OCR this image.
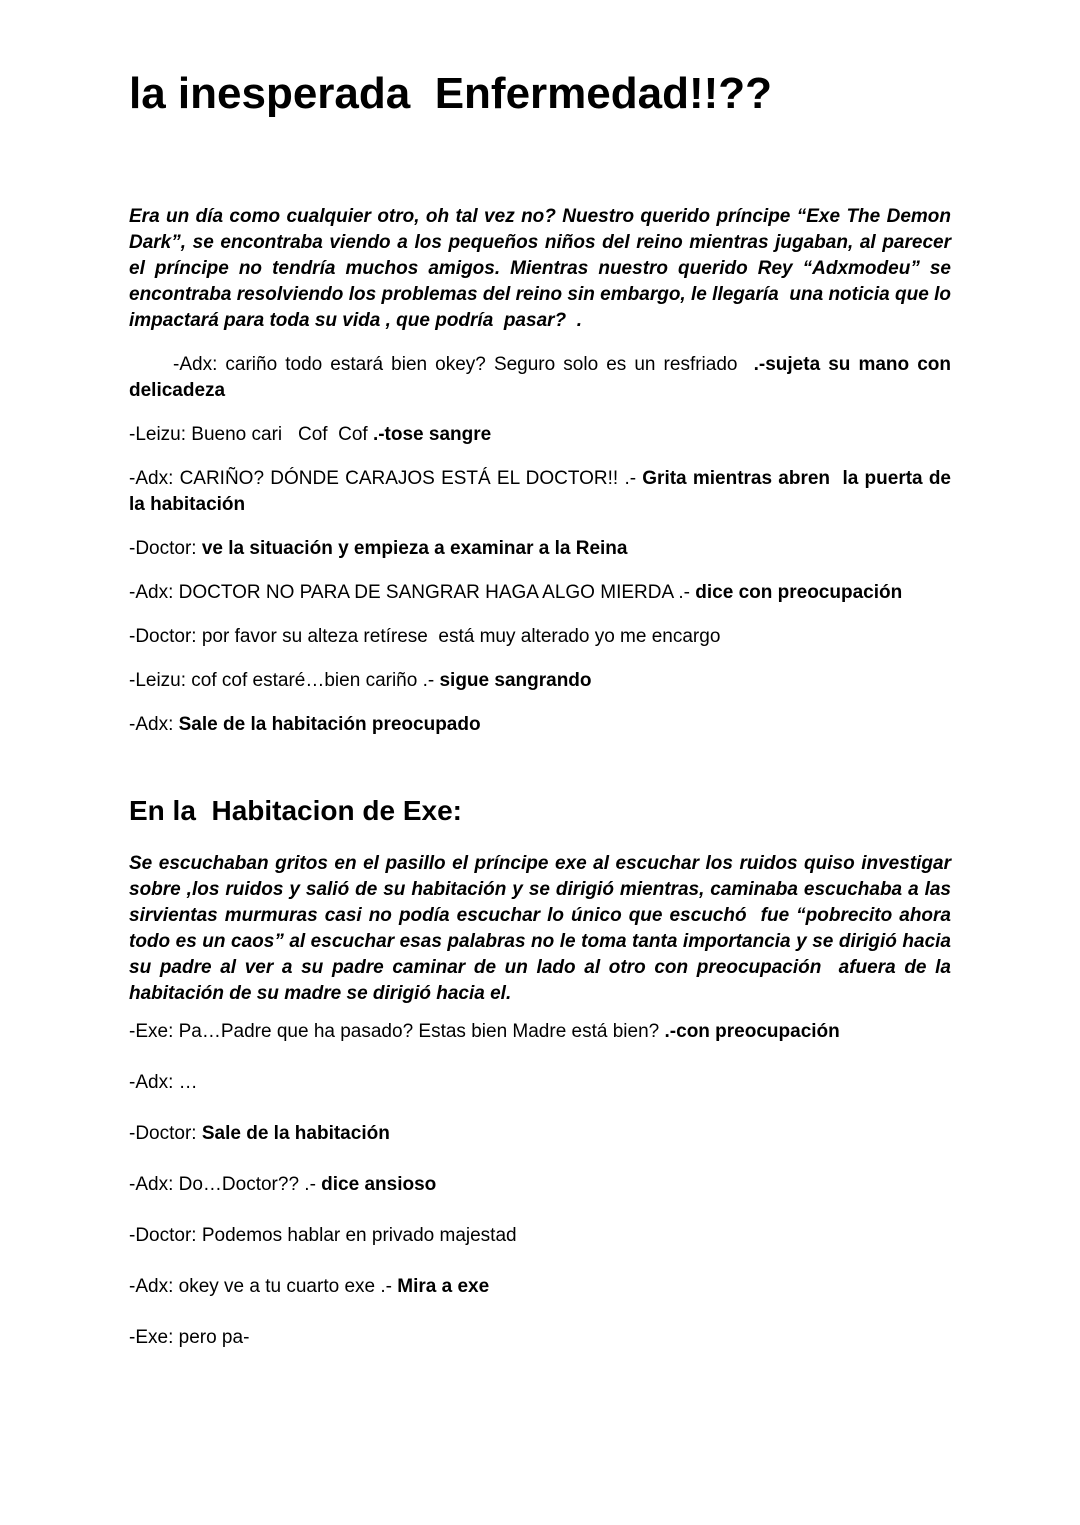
la inesperada  Enfermedad!!??

Era un día como cualquier otro, oh tal vez no? Nuestro querido príncipe “Exe The Demon Dark”, se encontraba viendo a los pequeños niños del reino mientras jugaban, al parecer el príncipe no tendría muchos amigos. Mientras nuestro querido Rey “Adxmodeu” se encontraba resolviendo los problemas del reino sin embargo, le llegaría  una noticia que lo impactará para toda su vida , que podría  pasar?  .

-Adx: cariño todo estará bien okey? Seguro solo es un resfriado  .-sujeta su mano con delicadeza

-Leizu: Bueno cari   Cof  Cof .-tose sangre

-Adx: CARIÑO? DÓNDE CARAJOS ESTÁ EL DOCTOR!! .- Grita mientras abren  la puerta de la habitación

-Doctor: ve la situación y empieza a examinar a la Reina

-Adx: DOCTOR NO PARA DE SANGRAR HAGA ALGO MIERDA .- dice con preocupación

-Doctor: por favor su alteza retírese  está muy alterado yo me encargo

-Leizu: cof cof estaré…bien cariño .- sigue sangrando

-Adx: Sale de la habitación preocupado

En la  Habitacion de Exe:

Se escuchaban gritos en el pasillo el príncipe exe al escuchar los ruidos quiso investigar sobre ,los ruidos y salió de su habitación y se dirigió mientras, caminaba escuchaba a las sirvientas murmuras casi no podía escuchar lo único que escuchó  fue “pobrecito ahora todo es un caos” al escuchar esas palabras no le toma tanta importancia y se dirigió hacia su padre al ver a su padre caminar de un lado al otro con preocupación  afuera de la habitación de su madre se dirigió hacia el.

-Exe: Pa…Padre que ha pasado? Estas bien Madre está bien? .-con preocupación

-Adx: …

-Doctor: Sale de la habitación

-Adx: Do…Doctor?? .- dice ansioso

-Doctor: Podemos hablar en privado majestad

-Adx: okey ve a tu cuarto exe .- Mira a exe

-Exe: pero pa-
